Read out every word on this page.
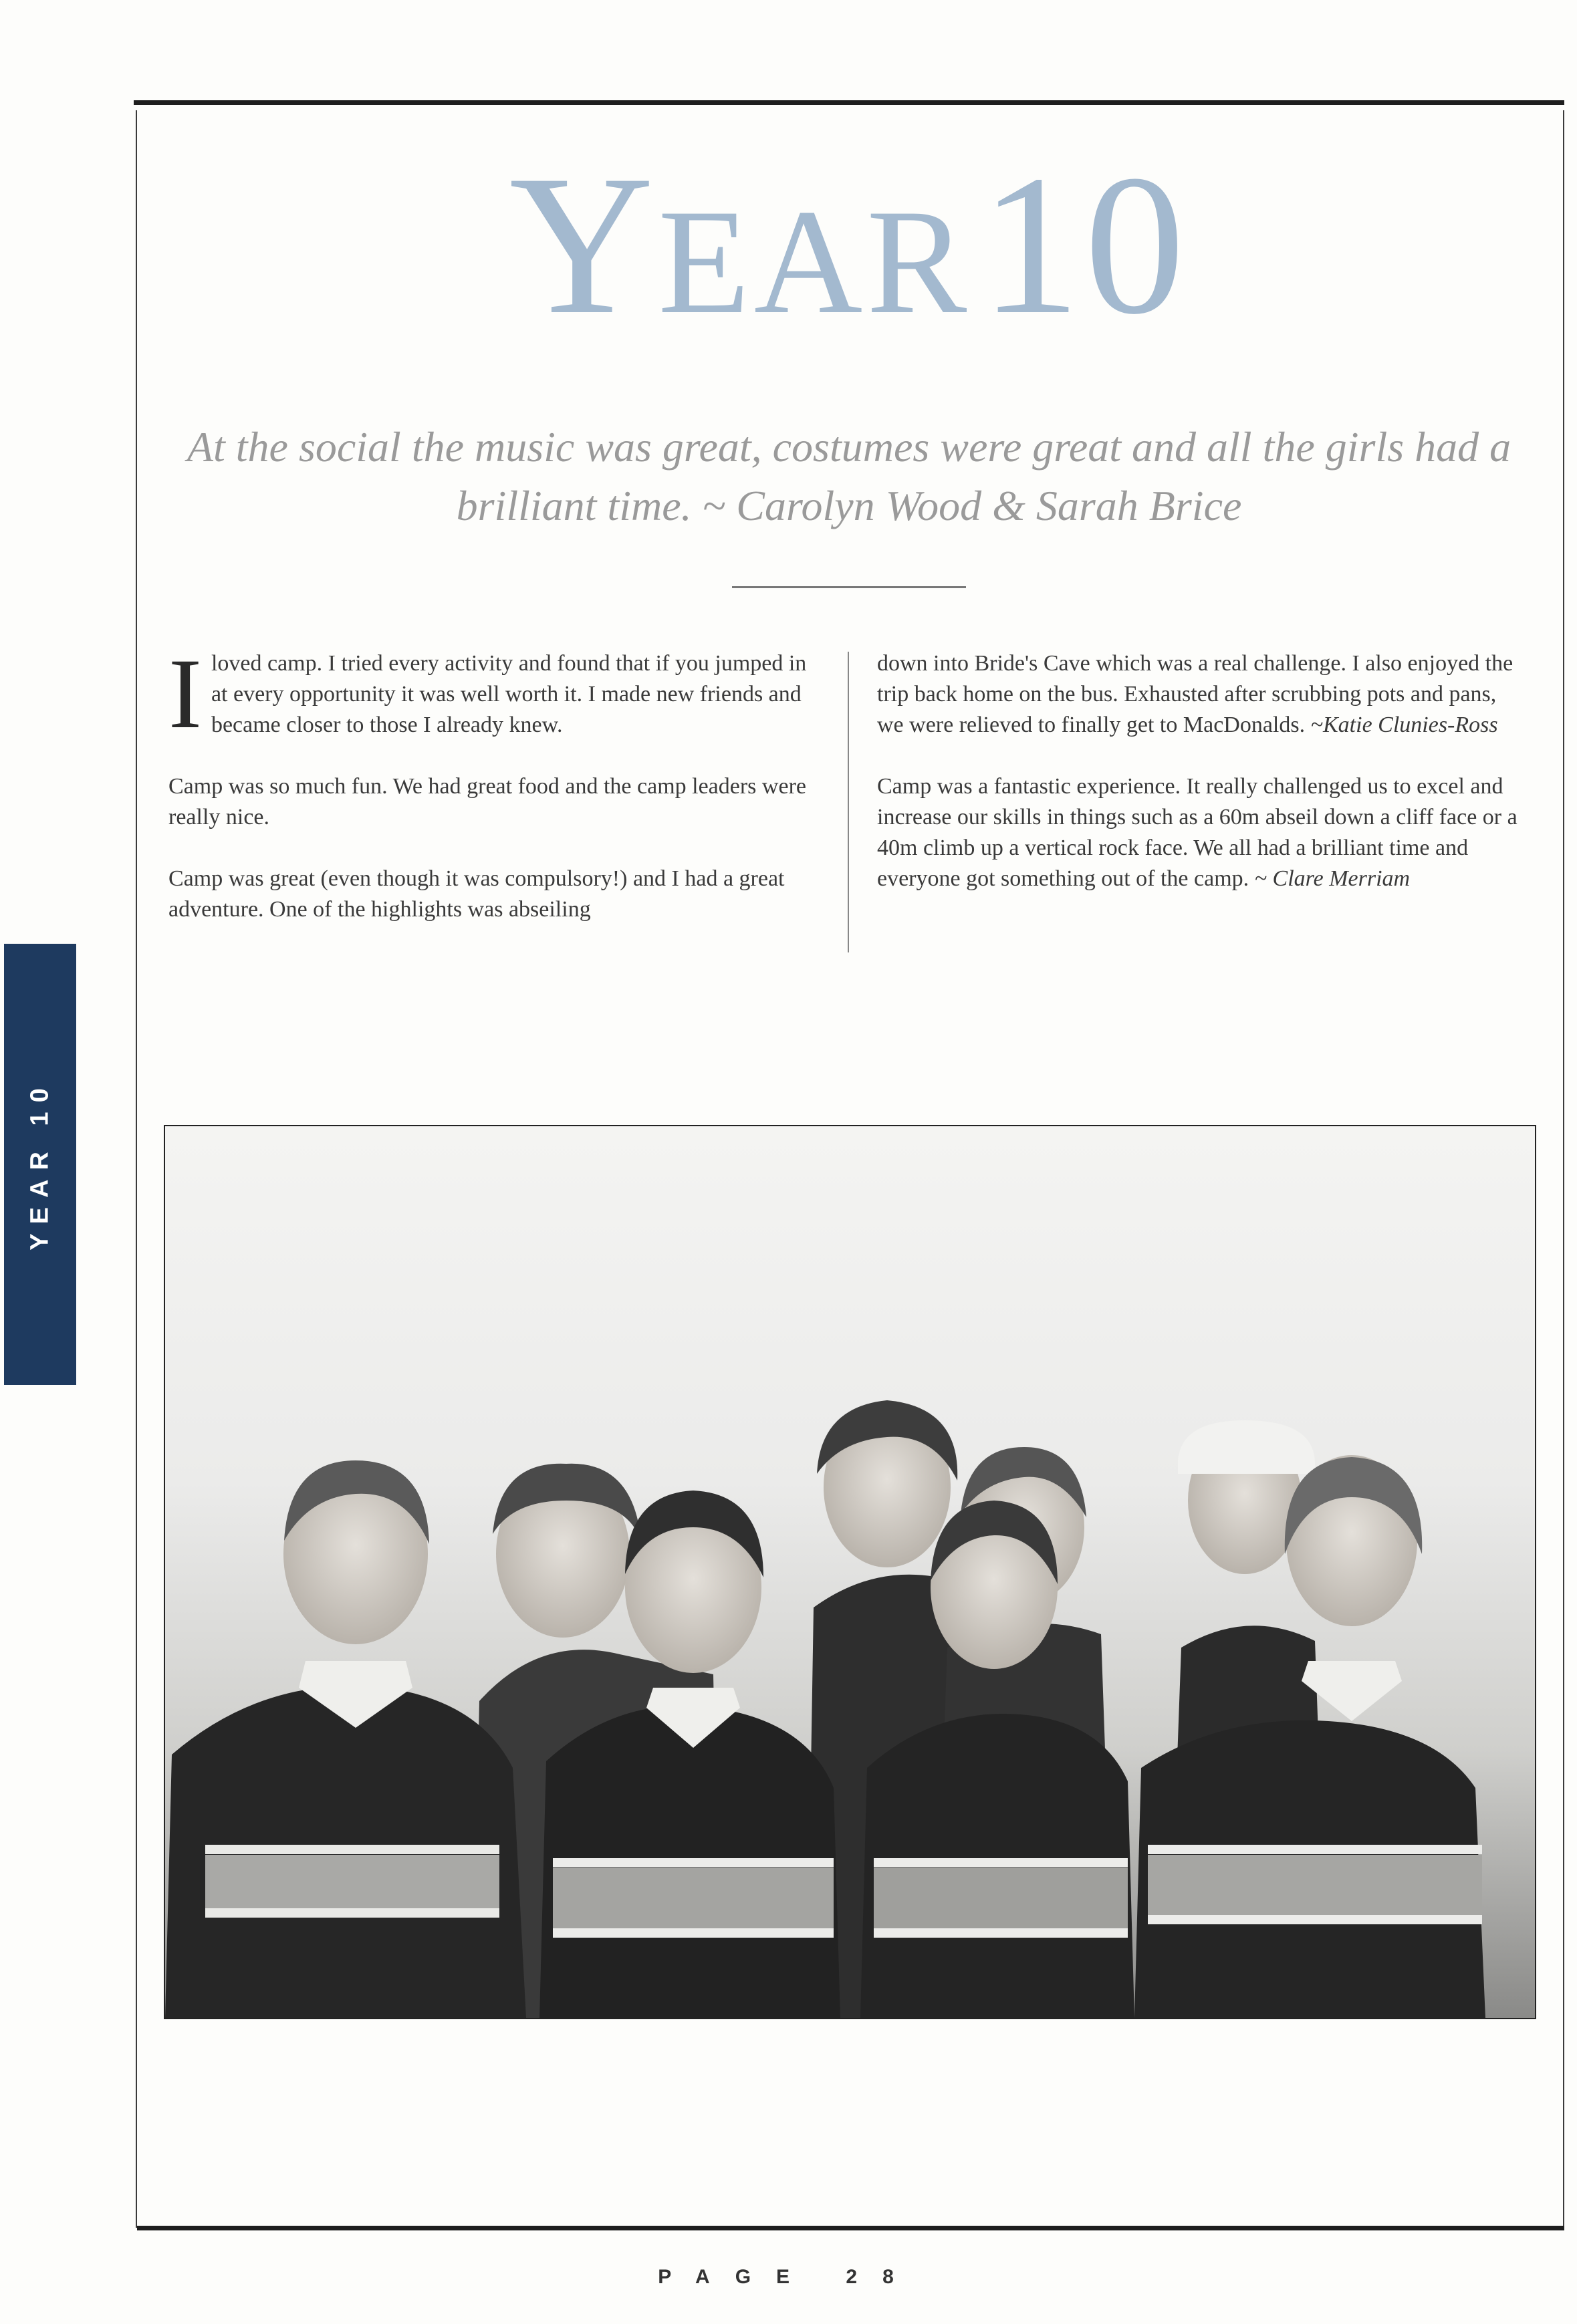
YEAR 10
At the social the music was great, costumes were great and all the girls had a brilliant time. ~ Carolyn Wood & Sarah Brice

Iloved camp. I tried every activity and found that if you jumped in at every opportunity it was well worth it. I made new friends and became closer to those I already knew.

Camp was so much fun. We had great food and the camp leaders were really nice.

Camp was great (even though it was compulsory!) and I had a great adventure. One of the highlights was abseiling

down into Bride's Cave which was a real challenge. I also enjoyed the trip back home on the bus. Exhausted after scrubbing pots and pans, we were relieved to finally get to MacDonalds. ~Katie Clunies-Ross

Camp was a fantastic experience. It really challenged us to excel and increase our skills in things such as a 60m abseil down a cliff face or a 40m climb up a vertical rock face. We all had a brilliant time and everyone got something out of the camp. ~ Clare Merriam

YEAR 10
PAGE 28
